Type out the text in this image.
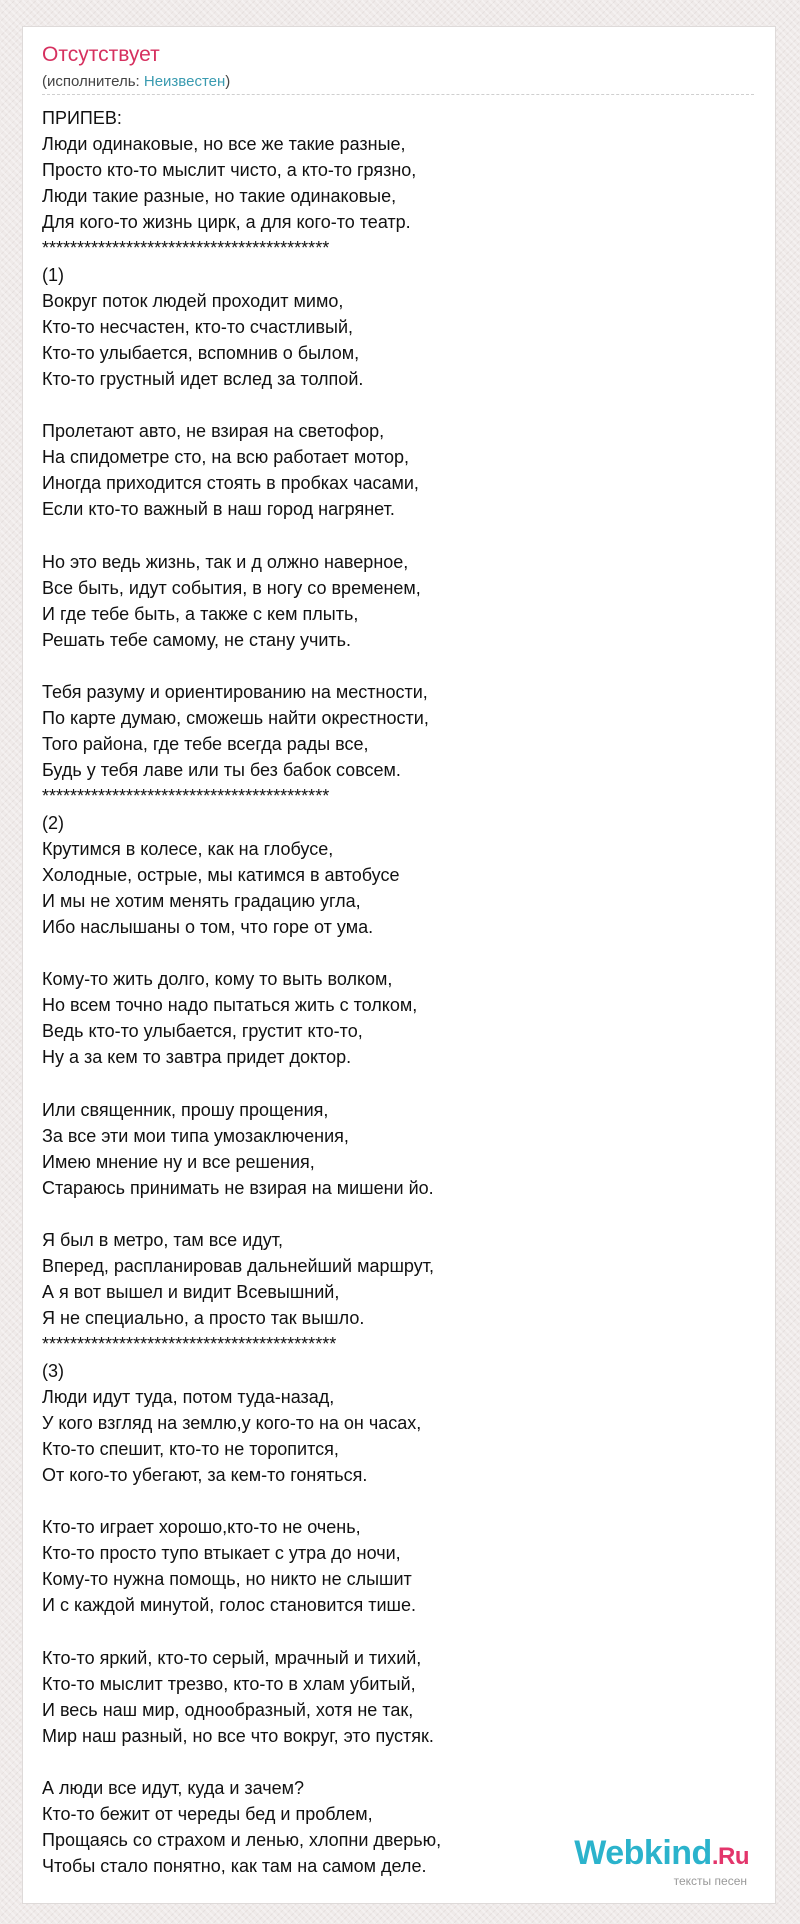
Отсутствует
(исполнитель: Неизвестен)
ПРИПЕВ:
Люди одинаковые, но все же такие разные,
Просто кто-то мыслит чисто, а кто-то грязно,
Люди такие разные, но такие одинаковые,
Для кого-то жизнь цирк, а для кого-то театр.
*****************************************
(1)
Вокруг поток людей проходит мимо,
Кто-то несчастен, кто-то счастливый,
Кто-то улыбается, вспомнив о былом,
Кто-то грустный идет вслед за толпой.

Пролетают авто, не взирая на светофор,
На спидометре сто, на всю работает мотор,
Иногда приходится стоять в пробках часами,
Если кто-то важный в наш город нагрянет.

Но это ведь жизнь, так и д олжно наверное,
Все быть, идут события, в ногу со временем,
И где тебе быть, а также с кем плыть,
Решать тебе самому, не стану учить.

Тебя разуму и ориентированию на местности,
По карте думаю, сможешь найти окрестности,
Того района, где тебе всегда рады все,
Будь у тебя лаве или ты без бабок совсем.
*****************************************
(2)
Крутимся в колесе, как на глобусе,
Холодные, острые, мы катимся в автобусе
И мы не хотим менять градацию угла,
Ибо наслышаны о том, что горе от ума.

Кому-то жить долго, кому то выть волком,
Но всем точно надо пытаться жить с толком,
Ведь кто-то улыбается, грустит кто-то,
Ну а за кем то завтра придет доктор.

Или священник, прошу прощения,
За все эти мои типа умозаключения,
Имею мнение ну и все решения,
Стараюсь принимать не взирая на мишени йо.

Я был в метро, там все идут,
Вперед, распланировав дальнейший маршрут,
А я вот вышел и видит Всевышний,
Я не специально, а просто так вышло.
******************************************
(3)
Люди идут туда, потом туда-назад,
У кого взгляд на землю,у кого-то на он часах,
Кто-то спешит, кто-то не торопится,
От кого-то убегают, за кем-то гоняться.

Кто-то играет хорошо,кто-то не очень,
Кто-то просто тупо втыкает с утра до ночи,
Кому-то нужна помощь, но никто не слышит
И с каждой минутой, голос становится тише.

Кто-то яркий, кто-то серый, мрачный и тихий,
Кто-то мыслит трезво, кто-то в хлам убитый,
И весь наш мир, однообразный, хотя не так,
Мир наш разный, но все что вокруг, это пустяк.

А люди все идут, куда и зачем?
Кто-то бежит от череды бед и проблем,
Прощаясь со страхом и ленью, хлопни дверью,
Чтобы стало понятно, как там на самом деле.	Webkind.Ru
тексты песен
